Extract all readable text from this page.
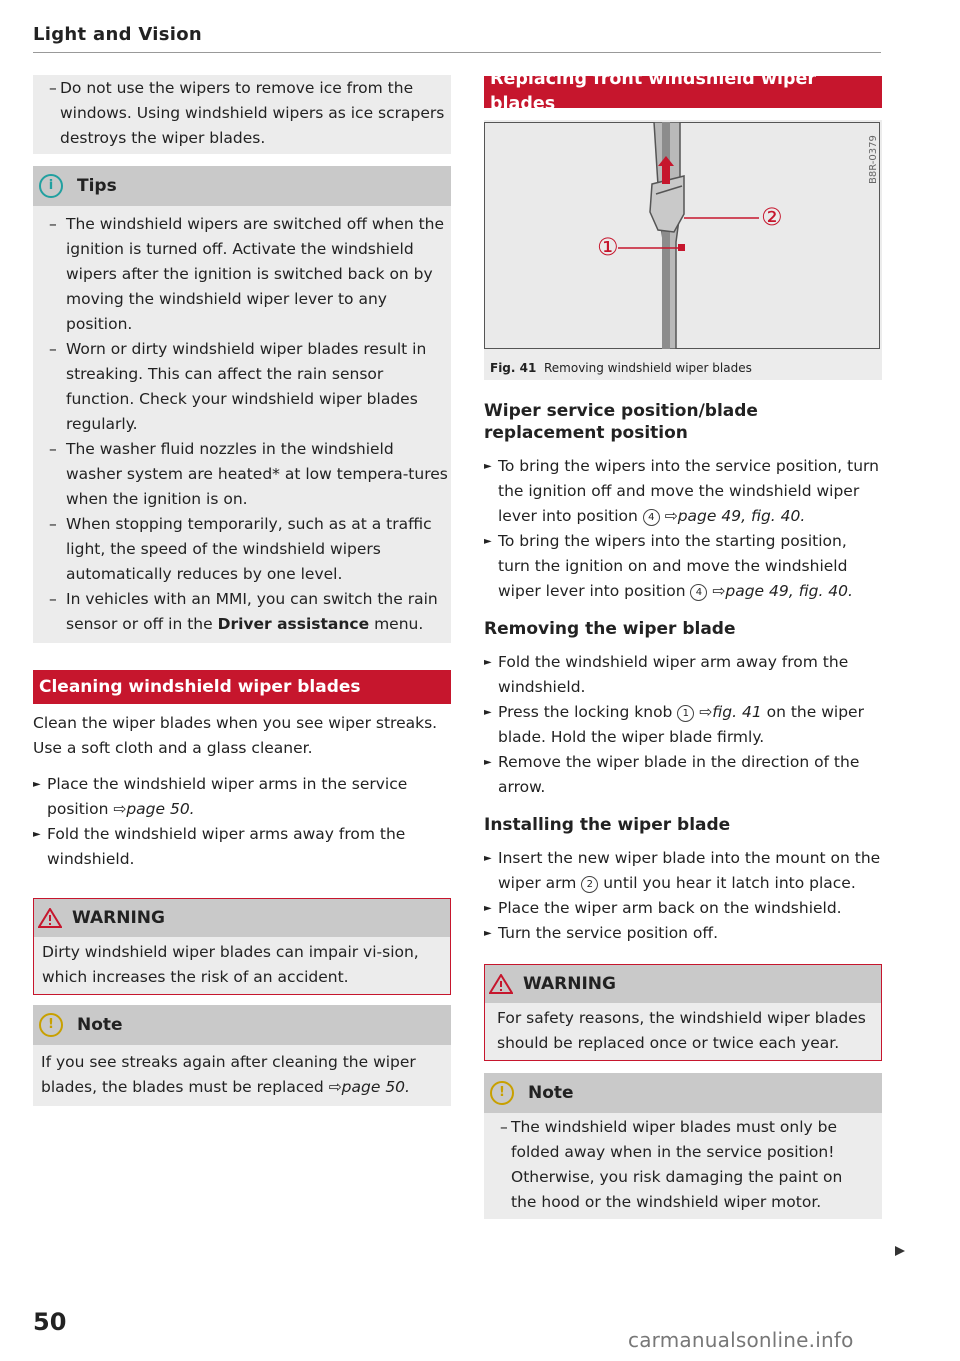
Light and Vision
– Do not use the wipers to remove ice from the windows. Using windshield wipers as ice scrapers destroys the wiper blades.
i	Tips
– The windshield wipers are switched off when the ignition is turned off. Activate the windshield wipers after the ignition is switched back on by moving the windshield wiper lever to any position.
– Worn or dirty windshield wiper blades result in streaking. This can affect the rain sensor function. Check your windshield wiper blades regularly.
– The washer fluid nozzles in the windshield washer system are heated* at low tempera-tures when the ignition is on.
– When stopping temporarily, such as at a traffic light, the speed of the windshield wipers automatically reduces by one level.
– In vehicles with an MMI, you can switch the rain sensor or off in the Driver assistance menu.
Cleaning windshield wiper blades

Clean the wiper blades when you see wiper streaks. Use a soft cloth and a glass cleaner.

► Place the windshield wiper arms in the service position ⇨page 50.
► Fold the windshield wiper arms away from the windshield.
WARNING
Dirty windshield wiper blades can impair vi-sion, which increases the risk of an accident.
!	Note
If you see streaks again after cleaning the wiper blades, the blades must be replaced ⇨page 50.
Replacing front windshield wiper blades
①
②
B8R-0379
Fig. 41 Removing windshield wiper blades
Wiper service position/blade replacement position
► To bring the wipers into the service position, turn the ignition off and move the windshield wiper lever into position 4 ⇨page 49, fig. 40.
► To bring the wipers into the starting position, turn the ignition on and move the windshield wiper lever into position 4 ⇨page 49, fig. 40.
Removing the wiper blade
► Fold the windshield wiper arm away from the windshield.
► Press the locking knob 1 ⇨fig. 41 on the wiper blade. Hold the wiper blade firmly.
► Remove the wiper blade in the direction of the arrow.
Installing the wiper blade
► Insert the new wiper blade into the mount on the wiper arm 2 until you hear it latch into place.
► Place the wiper arm back on the windshield.
► Turn the service position off.
WARNING
For safety reasons, the windshield wiper blades should be replaced once or twice each year.
!	Note
– The windshield wiper blades must only be folded away when in the service position! Otherwise, you risk damaging the paint on the hood or the windshield wiper motor.
50
carmanualsonline.info
